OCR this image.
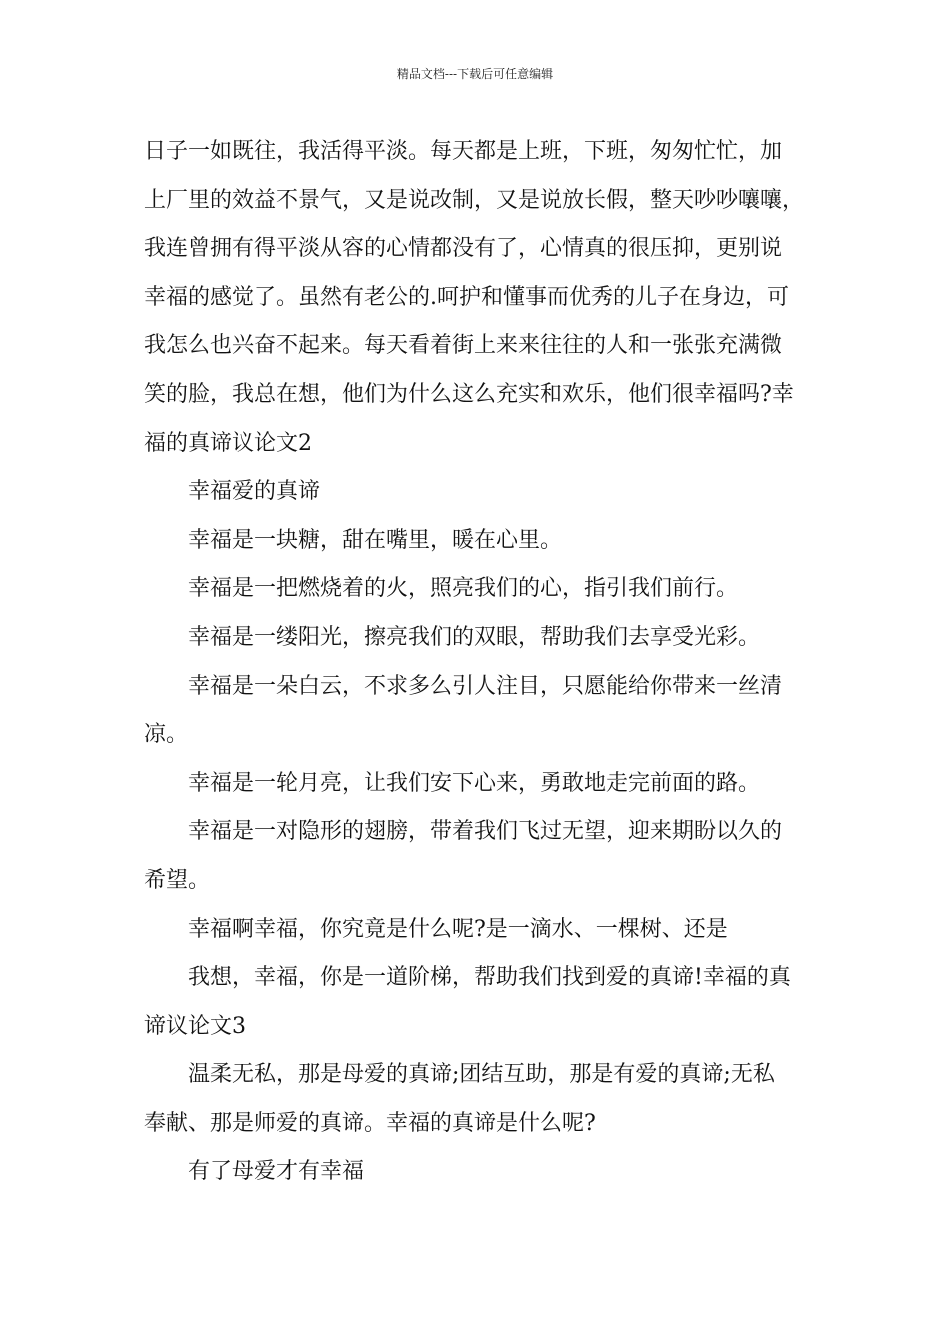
精品文档---下载后可任意编辑
日子一如既往，我活得平淡。每天都是上班，下班，匆匆忙忙，加
上厂里的效益不景气，又是说改制，又是说放长假，整天吵吵嚷嚷，
我连曾拥有得平淡从容的心情都没有了，心情真的很压抑，更别说
幸福的感觉了。虽然有老公的.呵护和懂事而优秀的儿子在身边，可
我怎么也兴奋不起来。每天看着街上来来往往的人和一张张充满微
笑的脸，我总在想，他们为什么这么充实和欢乐，他们很幸福吗?幸
福的真谛议论文2
幸福爱的真谛
幸福是一块糖，甜在嘴里，暖在心里。
幸福是一把燃烧着的火，照亮我们的心，指引我们前行。
幸福是一缕阳光，擦亮我们的双眼，帮助我们去享受光彩。
幸福是一朵白云，不求多么引人注目，只愿能给你带来一丝清
凉。
幸福是一轮月亮，让我们安下心来，勇敢地走完前面的路。
幸福是一对隐形的翅膀，带着我们飞过无望，迎来期盼以久的
希望。
幸福啊幸福，你究竟是什么呢?是一滴水、一棵树、还是
我想，幸福，你是一道阶梯，帮助我们找到爱的真谛!幸福的真
谛议论文3
温柔无私，那是母爱的真谛;团结互助，那是有爱的真谛;无私
奉献、那是师爱的真谛。幸福的真谛是什么呢?
有了母爱才有幸福
